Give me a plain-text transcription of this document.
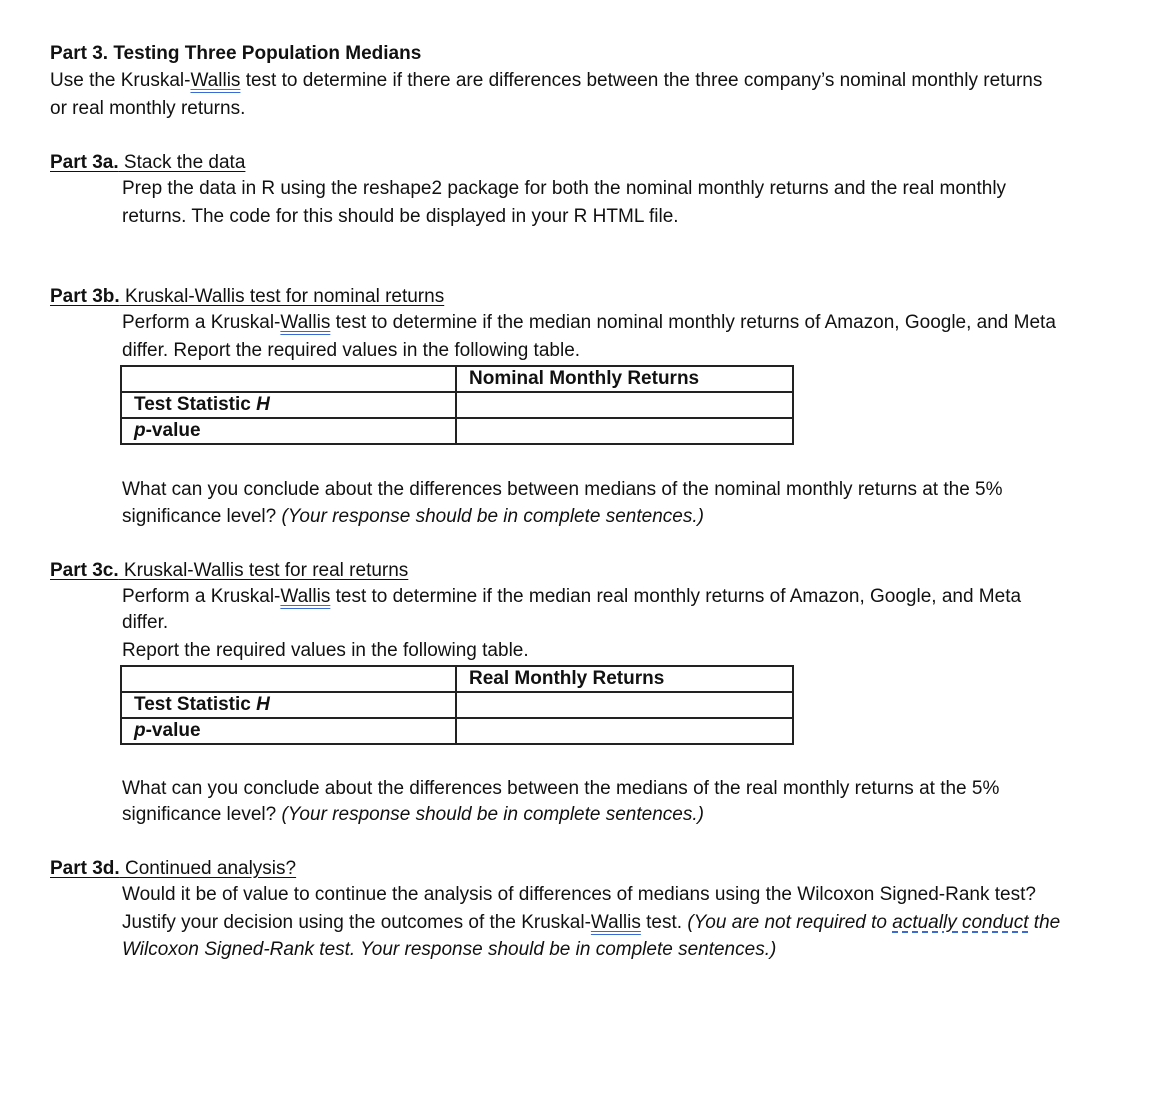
Part 3. Testing Three Population Medians
Use the Kruskal-Wallis test to determine if there are differences between the three company’s nominal monthly returns
or real monthly returns.
Part 3a. Stack the data
Prep the data in R using the reshape2 package for both the nominal monthly returns and the real monthly
returns. The code for this should be displayed in your R HTML file.
Part 3b. Kruskal-Wallis test for nominal returns
Perform a Kruskal-Wallis test to determine if the median nominal monthly returns of Amazon, Google, and Meta
differ. Report the required values in the following table.
	Nominal Monthly Returns
Test Statistic H	
p-value	
What can you conclude about the differences between medians of the nominal monthly returns at the 5%
significance level? (Your response should be in complete sentences.)
Part 3c. Kruskal-Wallis test for real returns
Perform a Kruskal-Wallis test to determine if the median real monthly returns of Amazon, Google, and Meta
differ.
Report the required values in the following table.
	Real Monthly Returns
Test Statistic H	
p-value	
What can you conclude about the differences between the medians of the real monthly returns at the 5%
significance level? (Your response should be in complete sentences.)
Part 3d. Continued analysis?
Would it be of value to continue the analysis of differences of medians using the Wilcoxon Signed-Rank test?
Justify your decision using the outcomes of the Kruskal-Wallis test. (You are not required to actually conduct the
Wilcoxon Signed-Rank test. Your response should be in complete sentences.)
